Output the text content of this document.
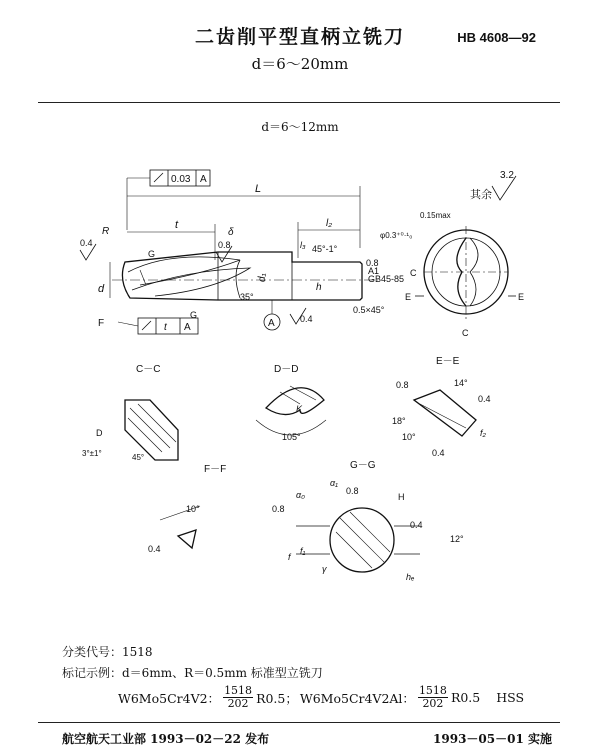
二齿削平型直柄立铣刀	HB 4608—92
d＝6～20mm
d＝6～12mm
0.03 A
L
t	l₂
l₃
R
d
δ
d₁
h
35°
45°-1°
GB45-85
A1
0.5×45°
G
G
0.4	0.8
0.4
0.8
A
t A
F
其余
3.2
0.15max
φ0.3⁺⁰·¹₀
C
E	E
C
C－C
D
3°±1°	45°
D－D
K
105°
E－E
0.8	14°
0.4
18°
10°	f₂
0.4
F－F
10°
0.4
G－G
α₀
α₁
0.8
0.8
H
0.4
12°
f
f₁
γ
hₑ
分类代号：1518
标记示例：d＝6mm、R＝0.5mm 标准型立铣刀
W6Mo5Cr4V2： $\frac{1518}{202} R0.5$； W6Mo5Cr4V2Al： $\frac{1518}{202} R0.5$ HSS
航空航天工业部 1993－02－22 发布	1993－05－01 实施
